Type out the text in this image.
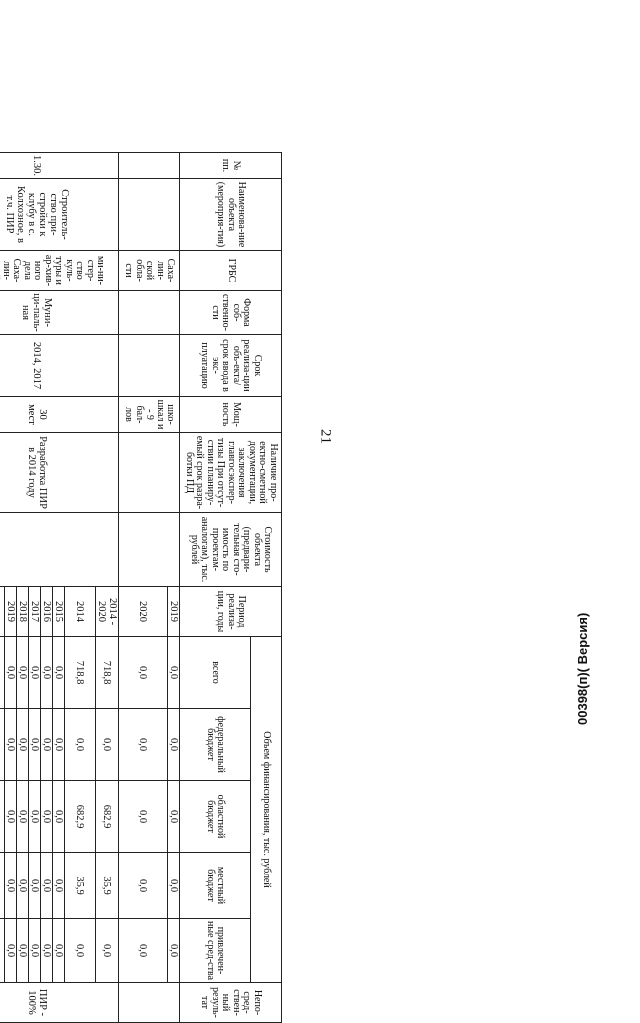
21
№ пп.	Наименова-ние объекта (мероприя-тия)	ГРБС	Форма соб-ственно-сти	Срок реализа-ции объ-екта/срок ввода в экс-плуатацию	Мощ-ность	Наличие про-ектно-сметной документации, заключения главгосэкспер-тизы При отсут-ствии планиру-емый срок разра-ботки ПД	Стоимость объекта (предвари-тельная сто-имость по проектам-аналогам), тыс. рублей	Период реализа-ции, годы	Объем финансирования, тыс. рублей					Непо-сред-ствен-ный резуль-тат
									всего	федеральный бюджет	областной бюджет	местный бюджет	привлечен-ные сред-ства	
		Саха-лин-ской обла-сти			шко-шкал и - 9 бал-лов			2019	0,0	0,0	0,0	0,0	0,0	
								2020	0,0	0,0	0,0	0,0	0,0	
1.30.	Строитель-ство при-стройки к клубу в с. Колхозное, в т.ч. ПИР	ми-ни-стер-ство куль-туры и ар-хив-ного дела Саха-лин-	Муни-ци-паль-ная	2014, 2017	30 мест	Разработка ПИР в 2014 году		2014 - 2020	718,8	0,0	682,9	35,9	0,0	ПИР - 100%
								2014	718,8	0,0	682,9	35,9	0,0	
								2015	0,0	0,0	0,0	0,0	0,0	
								2016	0,0	0,0	0,0	0,0	0,0	
								2017	0,0	0,0	0,0	0,0	0,0	
								2018	0,0	0,0	0,0	0,0	0,0	
								2019	0,0	0,0	0,0	0,0	0,0	

00398(п)( Версия)
